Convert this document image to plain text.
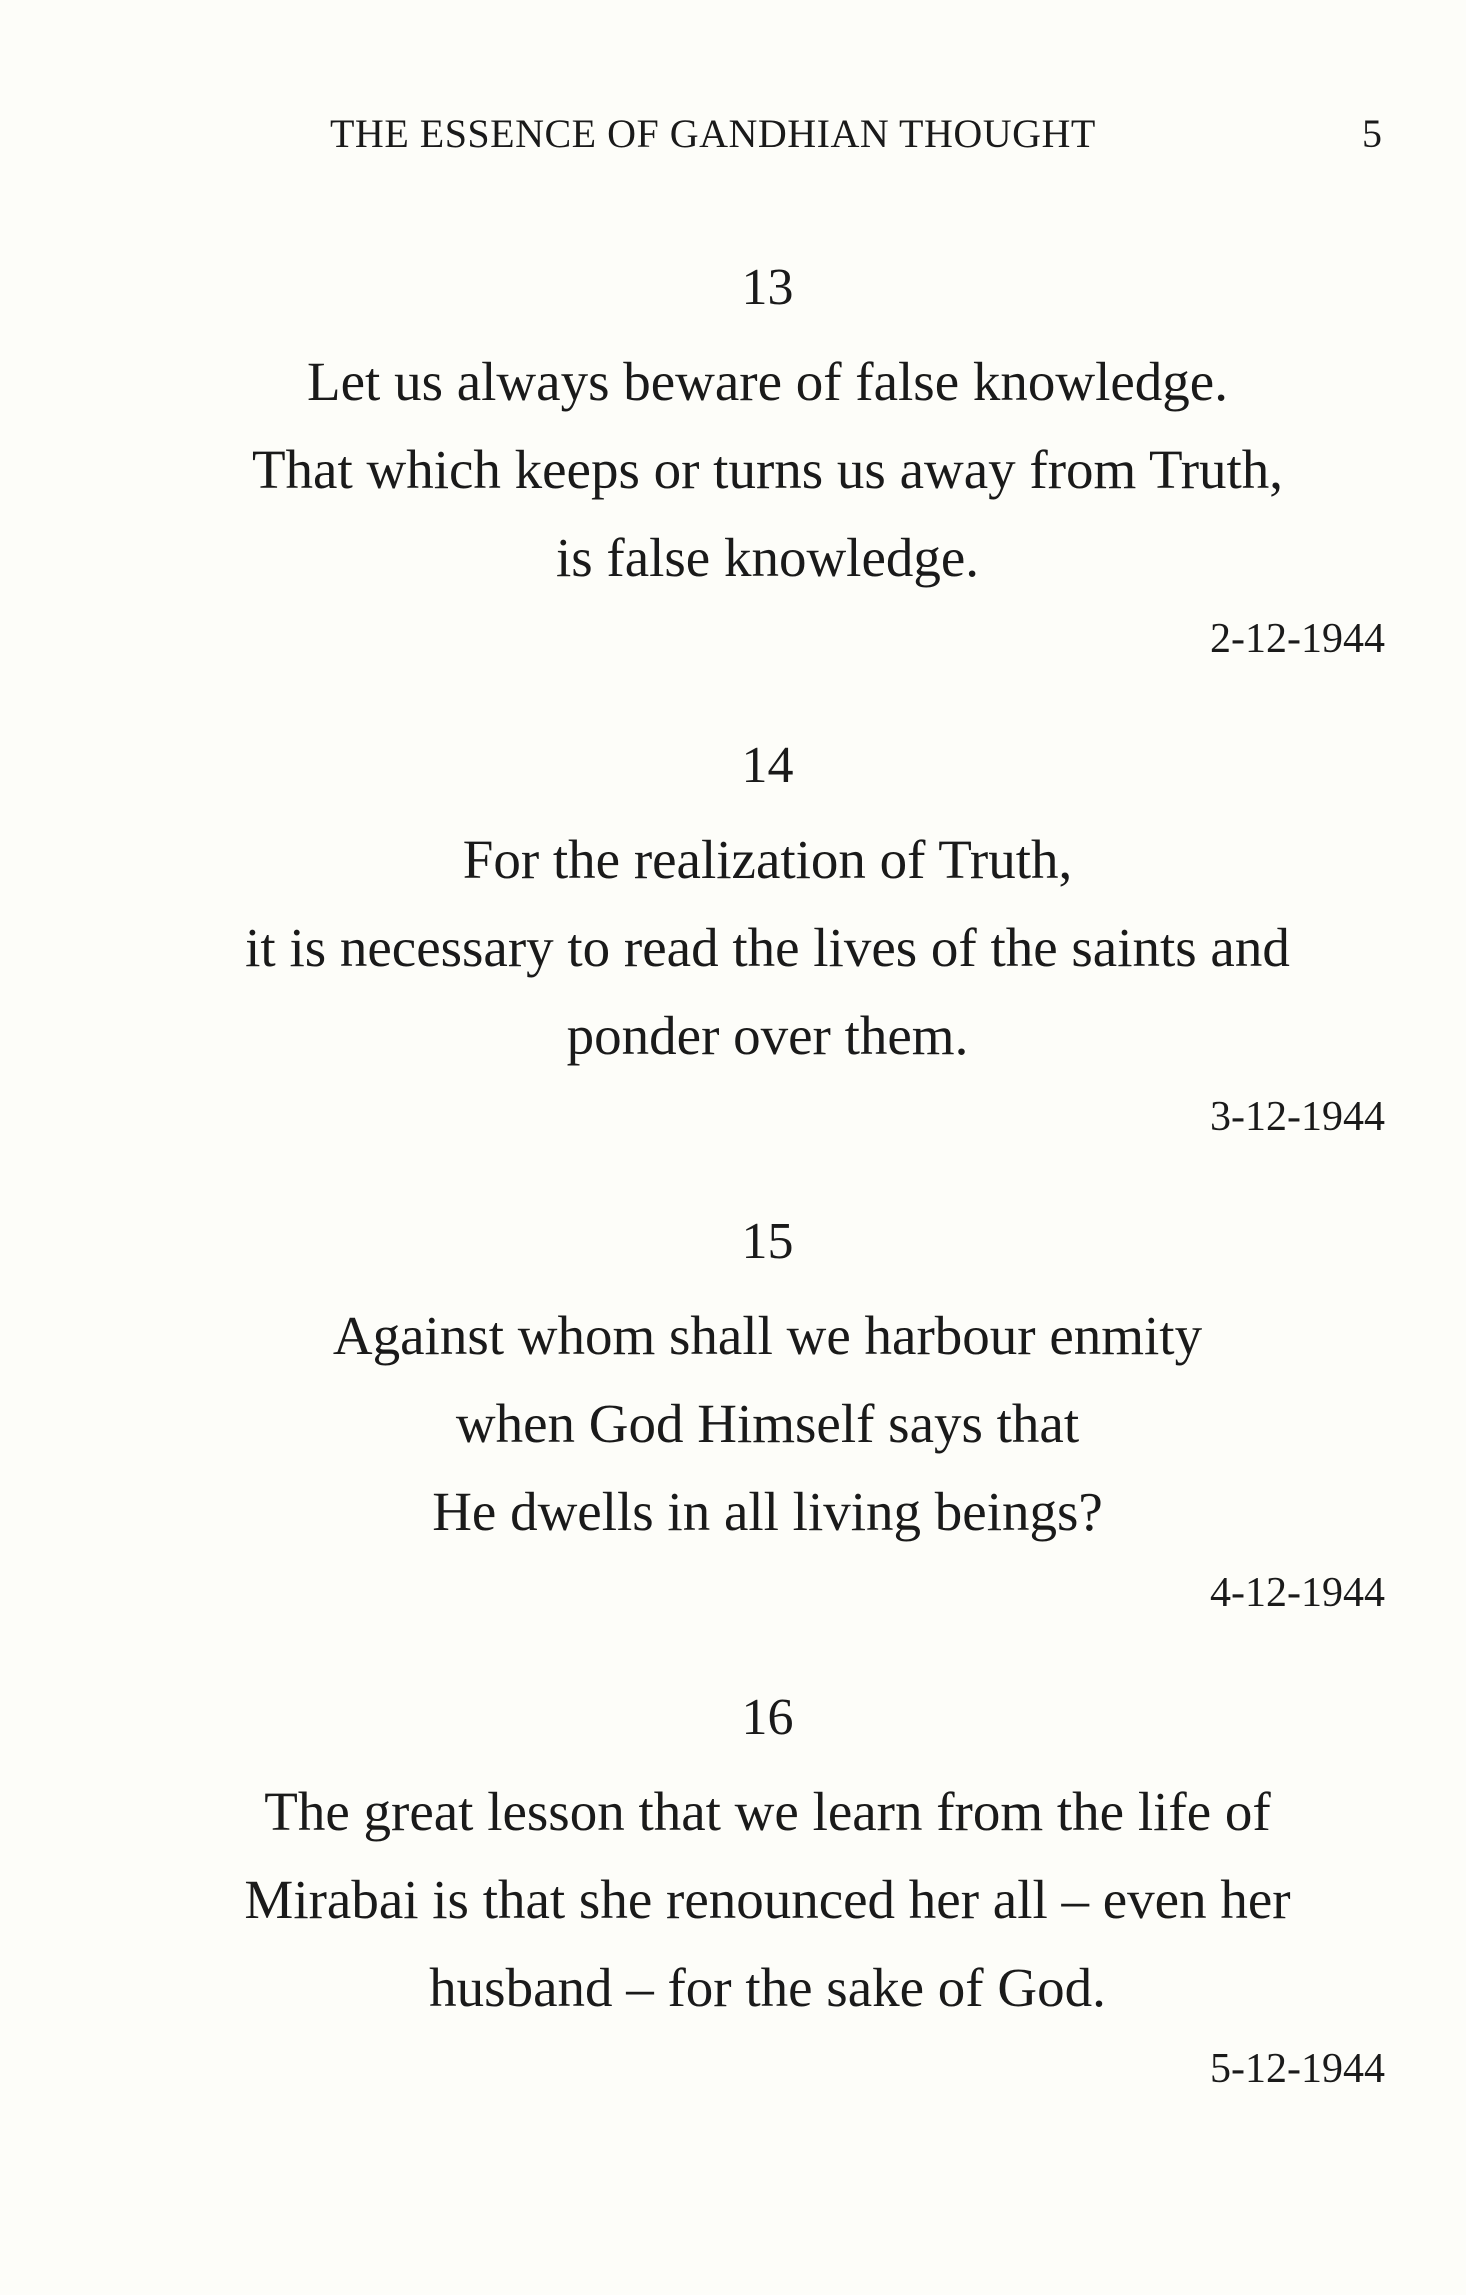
THE ESSENCE OF GANDHIAN THOUGHT	5
13
Let us always beware of false knowledge.
That which keeps or turns us away from Truth,
is false knowledge.
2-12-1944
14
For the realization of Truth,
it is necessary to read the lives of the saints and
ponder over them.
3-12-1944
15
Against whom shall we harbour enmity
when God Himself says that
He dwells in all living beings?
4-12-1944
16
The great lesson that we learn from the life of
Mirabai is that she renounced her all – even her
husband – for the sake of God.
5-12-1944
